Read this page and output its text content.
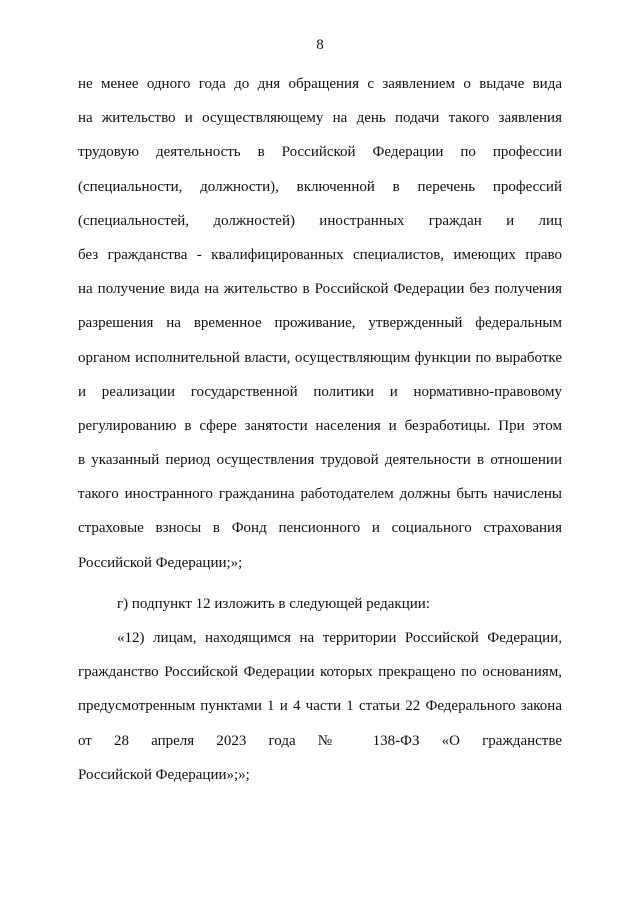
8
не менее одного года до дня обращения с заявлением о выдаче вида
на жительство и осуществляющему на день подачи такого заявления
трудовую деятельность в Российской Федерации по профессии
(специальности, должности), включенной в перечень профессий
(специальностей, должностей) иностранных граждан и лиц
без гражданства - квалифицированных специалистов, имеющих право
на получение вида на жительство в Российской Федерации без получения
разрешения на временное проживание, утвержденный федеральным
органом исполнительной власти, осуществляющим функции по выработке
и реализации государственной политики и нормативно-правовому
регулированию в сфере занятости населения и безработицы. При этом
в указанный период осуществления трудовой деятельности в отношении
такого иностранного гражданина работодателем должны быть начислены
страховые взносы в Фонд пенсионного и социального страхования
Российской Федерации;»;
г) подпункт 12 изложить в следующей редакции:
«12) лицам, находящимся на территории Российской Федерации,
гражданство Российской Федерации которых прекращено по основаниям,
предусмотренным пунктами 1 и 4 части 1 статьи 22 Федерального закона
от 28 апреля 2023 года № 138-ФЗ «О гражданстве
Российской Федерации»;»;
